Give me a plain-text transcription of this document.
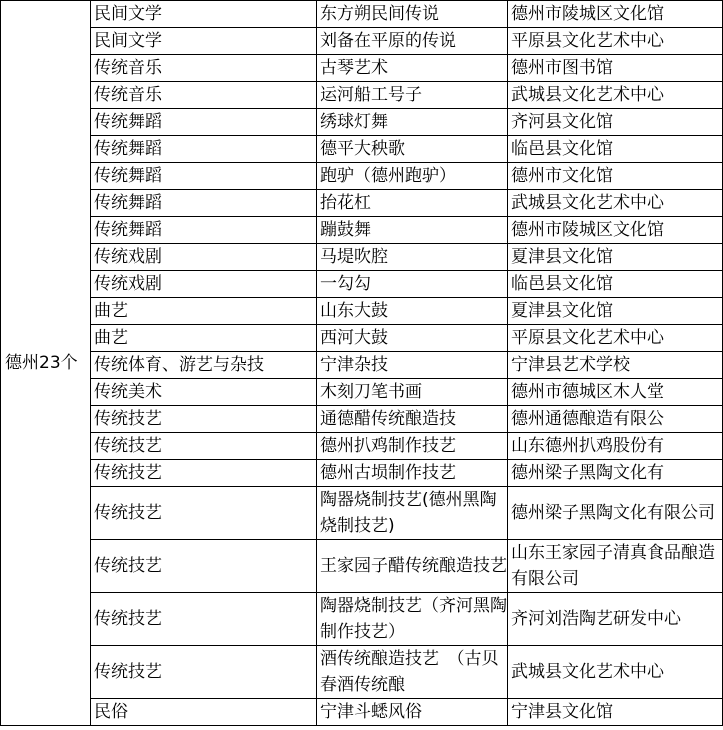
德州23个	民间文学	东方朔民间传说	德州市陵城区文化馆
	民间文学	刘备在平原的传说	平原县文化艺术中心
	传统音乐	古琴艺术	德州市图书馆
	传统音乐	运河船工号子	武城县文化艺术中心
	传统舞蹈	绣球灯舞	齐河县文化馆
	传统舞蹈	德平大秧歌	临邑县文化馆
	传统舞蹈	跑驴（德州跑驴）	德州市文化馆
	传统舞蹈	抬花杠	武城县文化艺术中心
	传统舞蹈	蹦鼓舞	德州市陵城区文化馆
	传统戏剧	马堤吹腔	夏津县文化馆
	传统戏剧	一勾勾	临邑县文化馆
	曲艺	山东大鼓	夏津县文化馆
	曲艺	西河大鼓	平原县文化艺术中心
	传统体育、游艺与杂技	宁津杂技	宁津县艺术学校
	传统美术	木刻刀笔书画	德州市德城区木人堂
	传统技艺	通德醋传统酿造技	德州通德酿造有限公
	传统技艺	德州扒鸡制作技艺	山东德州扒鸡股份有
	传统技艺	德州古埙制作技艺	德州梁子黑陶文化有
	传统技艺	陶器烧制技艺(德州黑陶烧制技艺)	德州梁子黑陶文化有限公司
	传统技艺	王家园子醋传统酿造技艺	山东王家园子清真食品酿造有限公司
	传统技艺	陶器烧制技艺（齐河黑陶制作技艺）	齐河刘浩陶艺研发中心
	传统技艺	酒传统酿造技艺　（古贝春酒传统酿	武城县文化艺术中心
	民俗	宁津斗蟋风俗	宁津县文化馆
